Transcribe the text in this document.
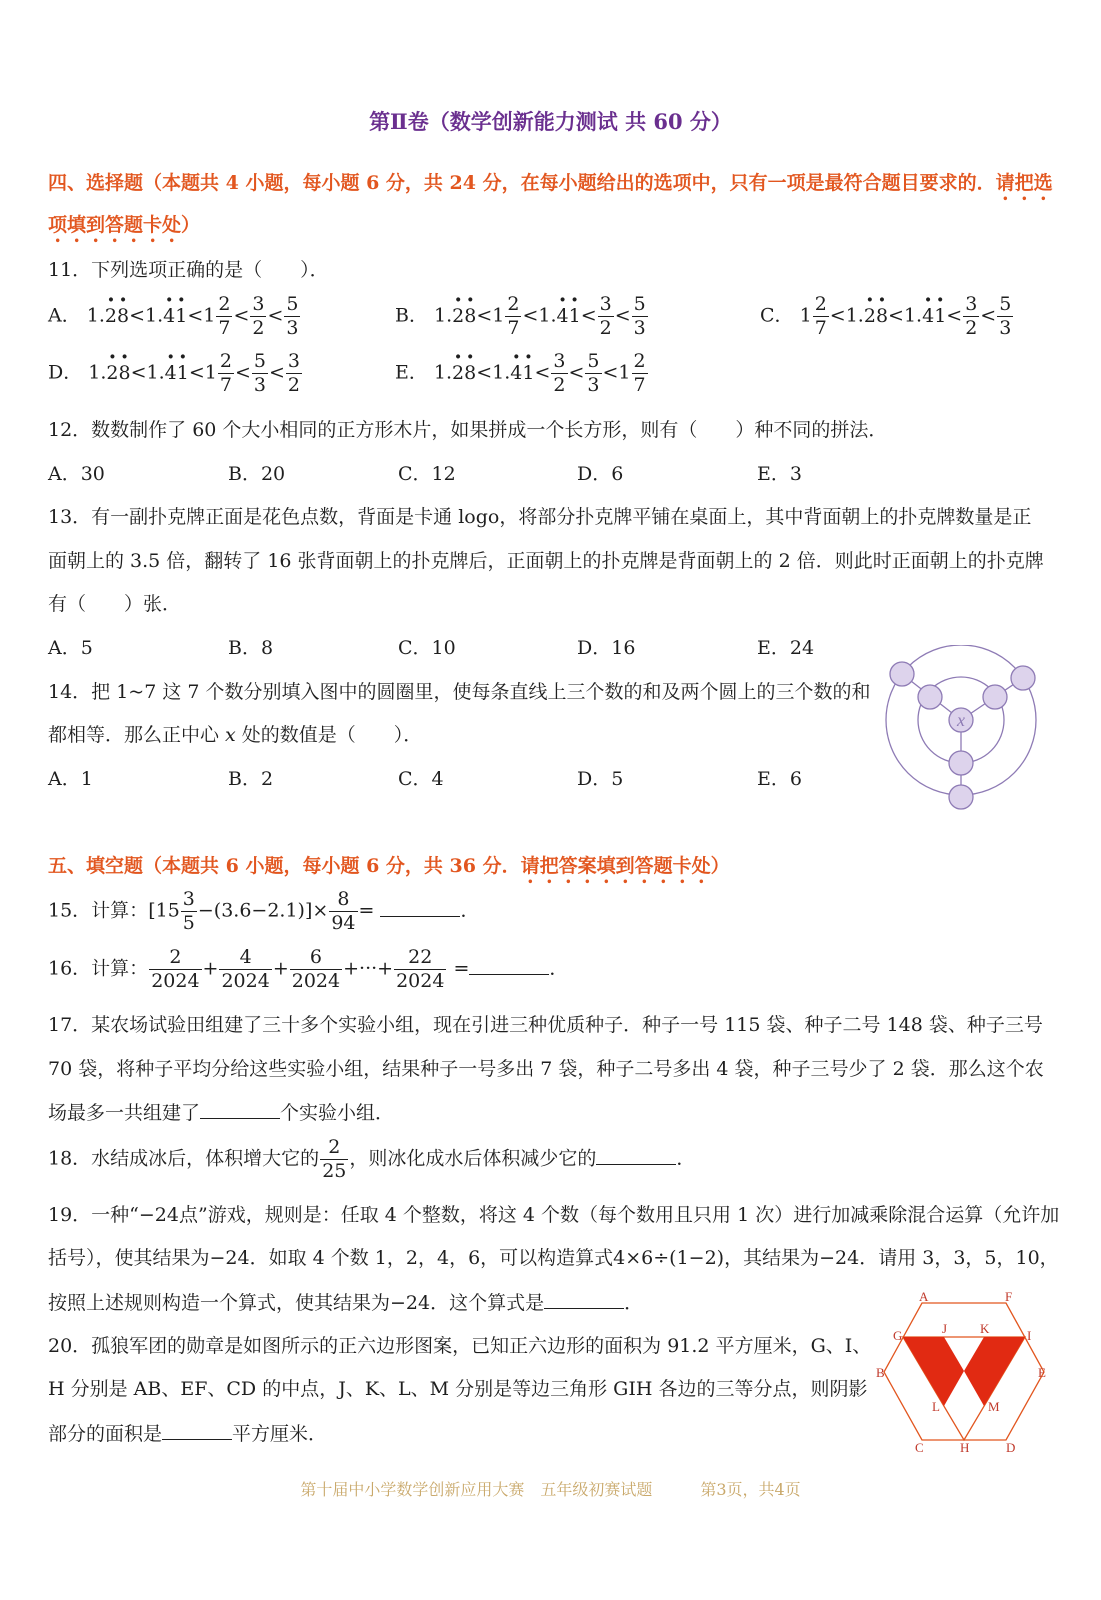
第Ⅱ卷（数学创新能力测试 共 60 分）
四、选择题（本题共 4 小题，每小题 6 分，共 24 分，在每小题给出的选项中，只有一项是最符合题目要求的．请把选
项填到答题卡处）
11．下列选项正确的是（　　）．
A． $1.\cdot 2\cdot 8<1.\cdot 4\cdot 1<1 \frac{2}{7} < \frac{3}{2} < \frac{5}{3}$	B． $1.\cdot 2\cdot 8<1 \frac{2}{7} <1.\cdot 4\cdot 1< \frac{3}{2} < \frac{5}{3}$	C． $1 \frac{2}{7} <1.\cdot 2\cdot 8<1.\cdot 4\cdot 1< \frac{3}{2} < \frac{5}{3}$
D． $1.\cdot 2\cdot 8<1.\cdot 4\cdot 1<1 \frac{2}{7} < \frac{5}{3} < \frac{3}{2}$	E． $1.\cdot 2\cdot 8<1.\cdot 4\cdot 1< \frac{3}{2} < \frac{5}{3} <1 \frac{2}{7}$
12．数数制作了 60 个大小相同的正方形木片，如果拼成一个长方形，则有（　　）种不同的拼法．
A．30	B．20	C．12	D．6	E．3
13．有一副扑克牌正面是花色点数，背面是卡通 logo，将部分扑克牌平铺在桌面上，其中背面朝上的扑克牌数量是正
面朝上的 3.5 倍，翻转了 16 张背面朝上的扑克牌后，正面朝上的扑克牌是背面朝上的 2 倍．则此时正面朝上的扑克牌
有（　　）张．
A．5	B．8	C．10	D．16	E．24
14．把 1~7 这 7 个数分别填入图中的圆圈里，使每条直线上三个数的和及两个圆上的三个数的和
都相等．那么正中心 x 处的数值是（　　）．
A．1	B．2	C．4	D．5	E．6
x
五、填空题（本题共 6 小题，每小题 6 分，共 36 分．请把答案填到答题卡处）
15．计算：$[15 \frac{3}{5} -(3.6-2.1)]\times \frac{8}{94}$ =	．
16．计算： $\frac{2}{2024} + \frac{4}{2024} + \frac{6}{2024}$ +···+ $\frac{22}{2024}$ =	．
17．某农场试验田组建了三十多个实验小组，现在引进三种优质种子．种子一号 115 袋、种子二号 148 袋、种子三号
70 袋，将种子平均分给这些实验小组，结果种子一号多出 7 袋，种子二号多出 4 袋，种子三号少了 2 袋．那么这个农
场最多一共组建了	个实验小组．
18．水结成冰后，体积增大它的 $\frac{2}{25}$ ，则冰化成水后体积减少它的	．
19．一种“−24点”游戏，规则是：任取 4 个整数，将这 4 个数（每个数用且只用 1 次）进行加减乘除混合运算（允许加
括号），使其结果为−24．如取 4 个数 1，2，4，6，可以构造算式4×6÷(1−2)，其结果为−24．请用 3，3，5，10，
按照上述规则构造一个算式，使其结果为−24．这个算式是	．
20．孤狼军团的勋章是如图所示的正六边形图案，已知正六边形的面积为 91.2 平方厘米，G、I、
H 分别是 AB、EF、CD 的中点，J、K、L、M 分别是等边三角形 GIH 各边的三等分点，则阴影
部分的面积是	平方厘米．
A	F
G	J	K	I
B	E
L	M
C	H	D
第十届中小学数学创新应用大赛　五年级初赛试题　　　第3页，共4页
